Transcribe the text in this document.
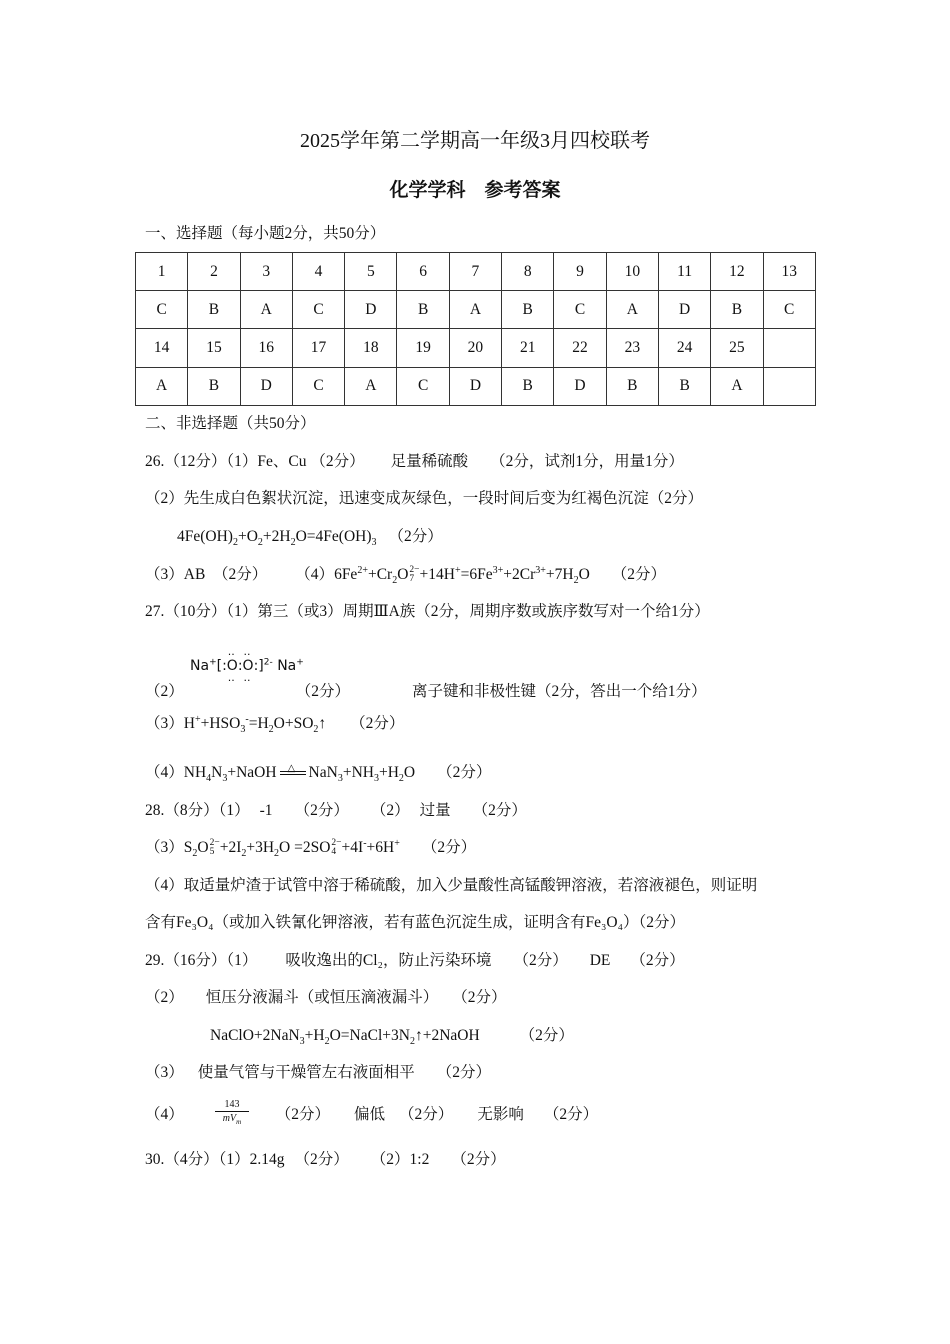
2025学年第二学期高一年级3月四校联考
化学学科　参考答案
一、选择题（每小题2分，共50分）
1	2	3	4	5	6	7	8	9	10	11	12	13
C	B	A	C	D	B	A	B	C	A	D	B	C
14	15	16	17	18	19	20	21	22	23	24	25	
A	B	D	C	A	C	D	B	D	B	B	A	
二、非选择题（共50分）
26.（12分）（1）Fe、Cu （2分） 足量稀硫酸 （2分，试剂1分，用量1分）
（2）先生成白色絮状沉淀，迅速变成灰绿色，一段时间后变为红褐色沉淀（2分）
$4Fe(OH)_2+O_2+2H_2O=4Fe(OH)_3$ （2分）
（3）AB　（2分） $(4)6Fe^{2+}+Cr_2O$ 2−
$7 +14H^+=6Fe^{3+}+2Cr^{3+}+7H_2O$ （2分）
27.（10分）（1）第三（或3）周期ⅢA族（2分，周期序数或族序数写对一个给1分）
Na+[:.. O ..:.. O ..:]$^{2-}$ Na+
（2）	（2分）	离子键和非极性键（2分，答出一个给1分）
$(3)H^++HSO_3^-=H_2O+SO_2↑$ （2分）
$(4)NH_4N_3+NaOH$ △ $NaN_3+NH_3+H_2O$ （2分）
28.（8分）（1） -1 （2分） （2） 过量 （2分）
$(3)S_2O$ 2−
$5 +2I_2+3H_2O =2SO$ 2−
4 +4I-+6H+ （2分）
（4）取适量炉渣于试管中溶于稀硫酸，加入少量酸性高锰酸钾溶液，若溶液褪色，则证明
含有Fe₃O₄（或加入铁氰化钾溶液，若有蓝色沉淀生成，证明含有Fe₃O₄）（2分）
29.（16分）（1） 吸收逸出的Cl₂，防止污染环境 （2分） DE （2分）
（2） 恒压分液漏斗（或恒压滴液漏斗） （2分）
$NaClO+2NaN_3+H_2O=NaCl+3N_2↑+2NaOH$	（2分）
（3） 使量气管与干燥管左右液面相平 （2分）
143
$mV_m$
（4）	（2分） 偏低 （2分） 无影响 （2分）
30.（4分）（1）2.14g （2分） （2）1:2 （2分）
